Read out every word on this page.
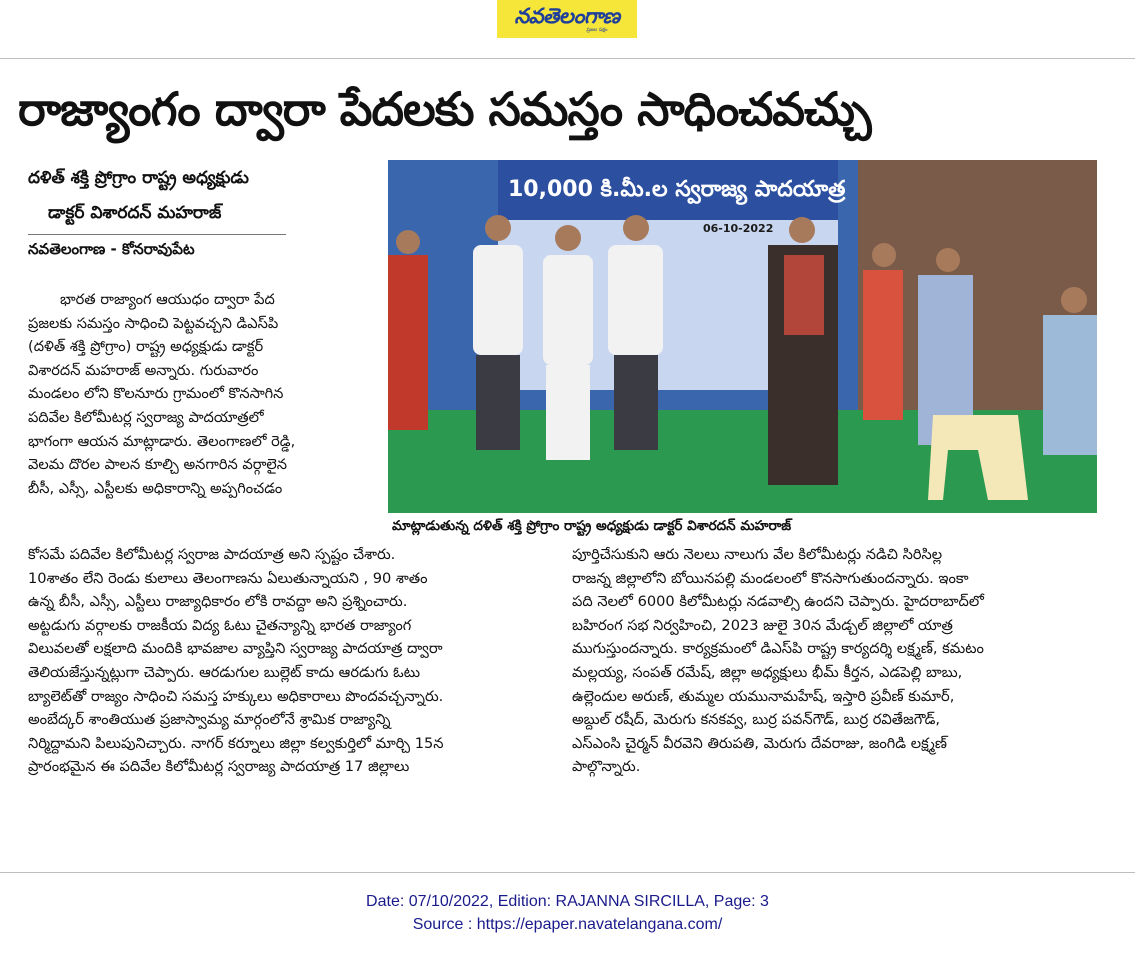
నవతెలంగాణ
ప్రజల పక్షం
రాజ్యాంగం ద్వారా పేదలకు సమస్తం సాధించవచ్చు
దళిత్ శక్తి ప్రోగ్రాం రాష్ట్ర అధ్యక్షుడు
డాక్టర్ విశారదన్ మహరాజ్
నవతెలంగాణ - కోనరావుపేట

భారత రాజ్యాంగ ఆయుధం ద్వారా పేద

ప్రజలకు సమస్తం సాధించి పెట్టవచ్చని డిఎస్‌పి

(దళిత్ శక్తి ప్రోగ్రాం) రాష్ట్ర అధ్యక్షుడు డాక్టర్

విశారదన్ మహరాజ్ అన్నారు. గురువారం

మండలం లోని కొలనూరు గ్రామంలో కొనసాగిన

పదివేల కిలోమీటర్ల స్వరాజ్య పాదయాత్రలో

భాగంగా ఆయన మాట్లాడారు. తెలంగాణలో రెడ్డి,

వెలమ దొరల పాలన కూల్చి అనగారిన వర్గాలైన

బీసీ, ఎస్సీ, ఎస్టీలకు అధికారాన్ని అప్పగించడం

10,000 కి.మీ.ల స్వరాజ్య పాదయాత్ర
06-10-2022
మాట్లాడుతున్న దళిత్ శక్తి ప్రోగ్రాం రాష్ట్ర అధ్యక్షుడు డాక్టర్ విశారదన్ మహరాజ్

కోసమే పదివేల కిలోమీటర్ల స్వరాజ పాదయాత్ర అని స్పష్టం చేశారు.

10శాతం లేని రెండు కులాలు తెలంగాణను ఏలుతున్నాయని , 90 శాతం

ఉన్న బీసీ, ఎస్సీ, ఎస్టీలు రాజ్యాధికారం లోకి రావద్దా అని ప్రశ్నించారు.

అట్టడుగు వర్గాలకు రాజకీయ విద్య ఓటు చైతన్యాన్ని భారత రాజ్యాంగ

విలువలతో లక్షలాది మందికి భావజాల వ్యాప్తిని స్వరాజ్య పాదయాత్ర ద్వారా

తెలియజేస్తున్నట్లుగా చెప్పారు. ఆరడుగుల బుల్లెట్ కాదు ఆరడుగు ఓటు

బ్యాలెట్‌తో రాజ్యం సాధించి సమస్త హక్కులు అధికారాలు పొందవచ్చన్నారు.

అంబేద్కర్ శాంతియుత ప్రజాస్వామ్య మార్గంలోనే శ్రామిక రాజ్యాన్ని

నిర్మిద్దామని పిలుపునిచ్చారు. నాగర్ కర్నూలు జిల్లా కల్వకుర్తిలో మార్చి 15న

ప్రారంభమైన ఈ పదివేల కిలోమీటర్ల స్వరాజ్య పాదయాత్ర 17 జిల్లాలు

పూర్తిచేసుకుని ఆరు నెలలు నాలుగు వేల కిలోమీటర్లు నడిచి సిరిసిల్ల

రాజన్న జిల్లాలోని బోయినపల్లి మండలంలో కొనసాగుతుందన్నారు. ఇంకా

పది నెలలో 6000 కిలోమీటర్లు నడవాల్సి ఉందని చెప్పారు. హైదరాబాద్‌లో

బహిరంగ సభ నిర్వహించి, 2023 జులై 30న మేడ్చల్ జిల్లాలో యాత్ర

ముగుస్తుందన్నారు. కార్యక్రమంలో డిఎస్‌పి రాష్ట్ర కార్యదర్శి లక్ష్మణ్, కమటం

మల్లయ్య, సంపత్ రమేష్, జిల్లా అధ్యక్షులు భీమ్ కీర్తన, ఎడపెల్లి బాబు,

ఉల్లెందుల అరుణ్, తుమ్మల యమునామహేష్, ఇస్తారి ప్రవీణ్ కుమార్,

అబ్దుల్ రషీద్, మెరుగు కనకవ్వ, బుర్ర పవన్‌గౌడ్, బుర్ర రవితేజగౌడ్,

ఎస్‌ఎంసి చైర్మన్ వీరవెని తిరుపతి, మెరుగు దేవరాజు, జంగిడి లక్ష్మణ్

పాల్గొన్నారు.

Date: 07/10/2022, Edition: RAJANNA SIRCILLA, Page: 3
Source : https://epaper.navatelangana.com/
